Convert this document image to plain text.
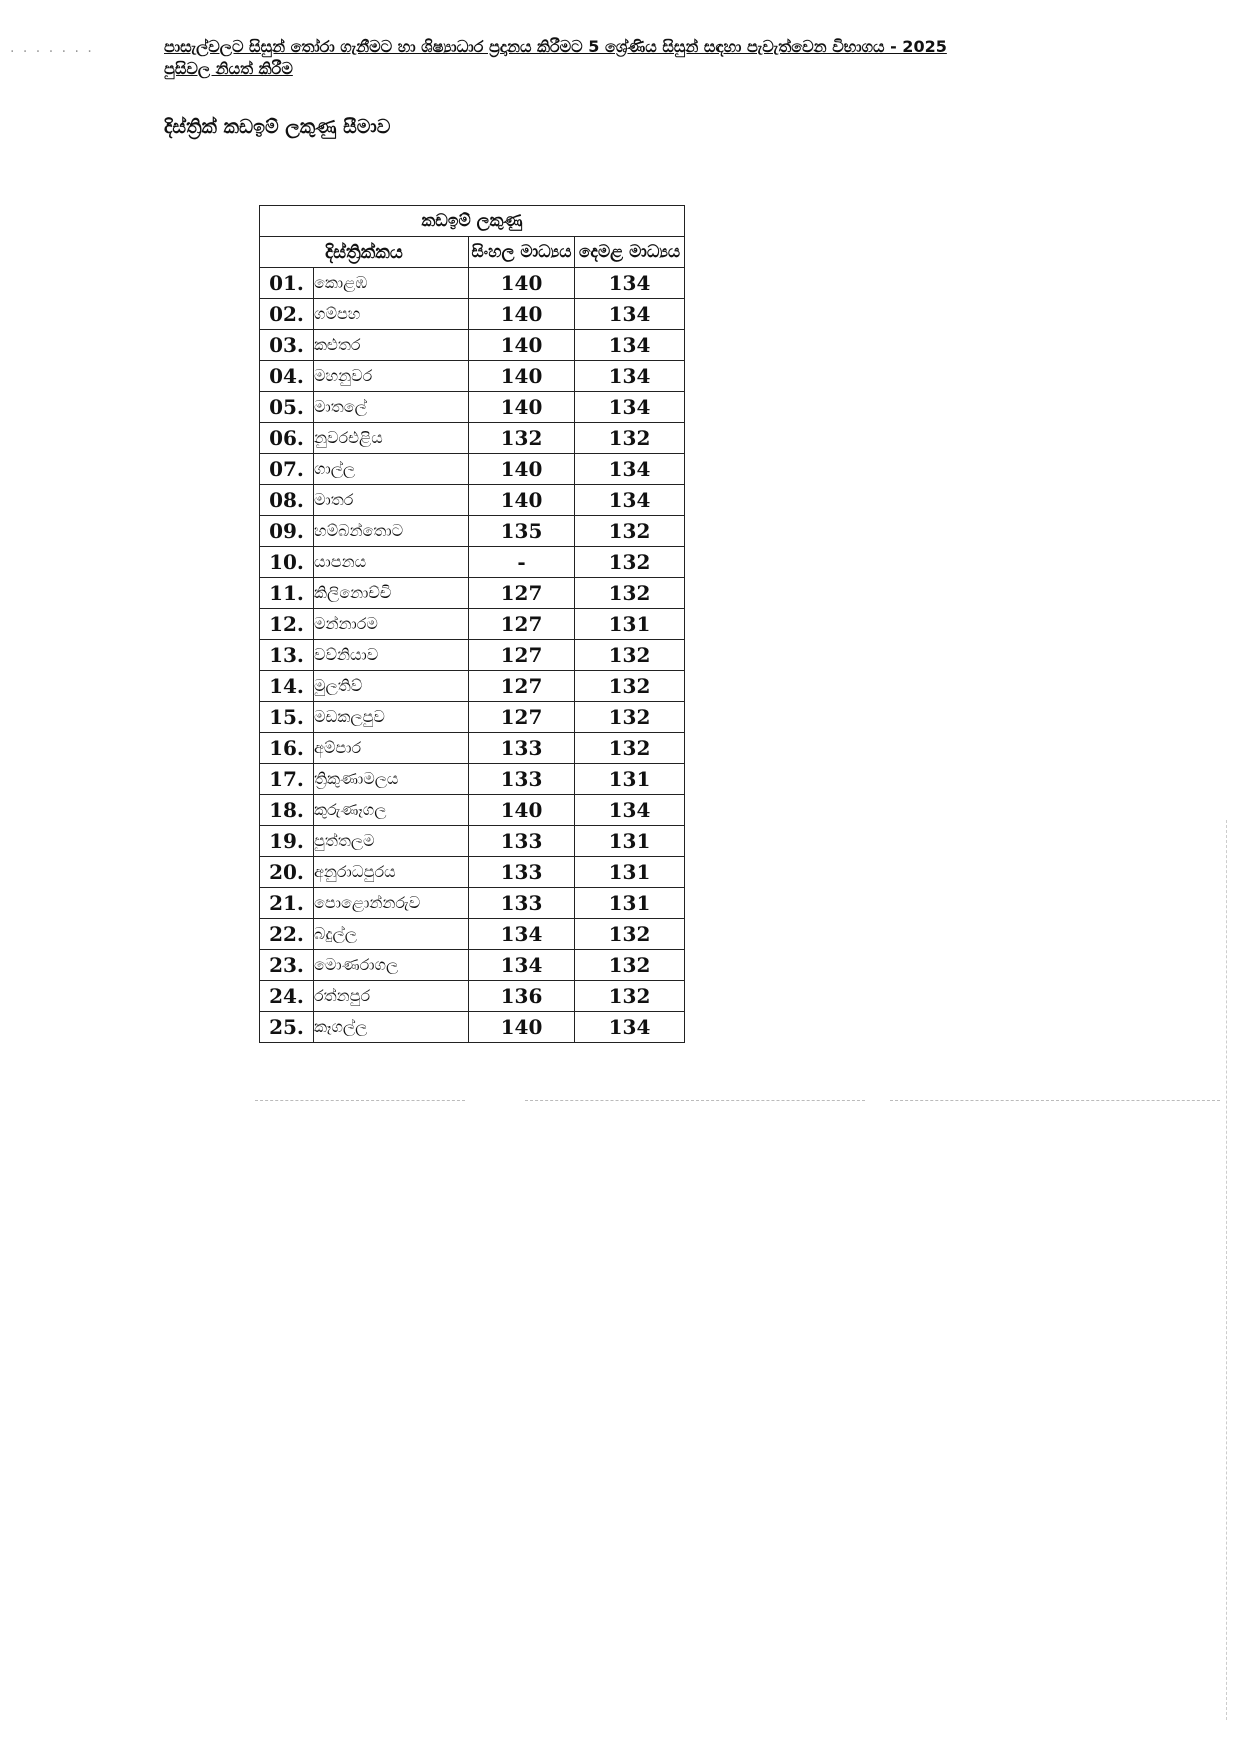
. . . . . . .	පාසැල්වලට සිසුන් තෝරා ගැනීමට හා ශිෂ්‍යාධාර ප්‍රදානය කිරීමට 5 ශ්‍රේණිය සිසුන් සඳහා පැවැත්වෙන විභාගය - 2025
පුසිවල නියත් කිරීම
දිස්ත්‍රික් කඩඉම් ලකුණු සීමාව
කඩඉම් ලකුණු			
දිස්ත්‍රික්කය		සිංහල මාධ්‍යය	දෙමළ මාධ්‍යය
01.	කොළඹ	140	134
02.	ගම්පහ	140	134
03.	කළුතර	140	134
04.	මහනුවර	140	134
05.	මාතලේ	140	134
06.	නුවරඑළිය	132	132
07.	ගාල්ල	140	134
08.	මාතර	140	134
09.	හම්බන්තොට	135	132
10.	යාපනය	-	132
11.	කිලිනොච්චි	127	132
12.	මන්නාරම	127	131
13.	වව්නියාව	127	132
14.	මුලතිව්	127	132
15.	මඩකලපුව	127	132
16.	අම්පාර	133	132
17.	ත්‍රිකුණාමලය	133	131
18.	කුරුණෑගල	140	134
19.	පුත්තලම	133	131
20.	අනුරාධපුරය	133	131
21.	පොළොන්නරුව	133	131
22.	බදුල්ල	134	132
23.	මොණරාගල	134	132
24.	රත්නපුර	136	132
25.	කෑගල්ල	140	134
